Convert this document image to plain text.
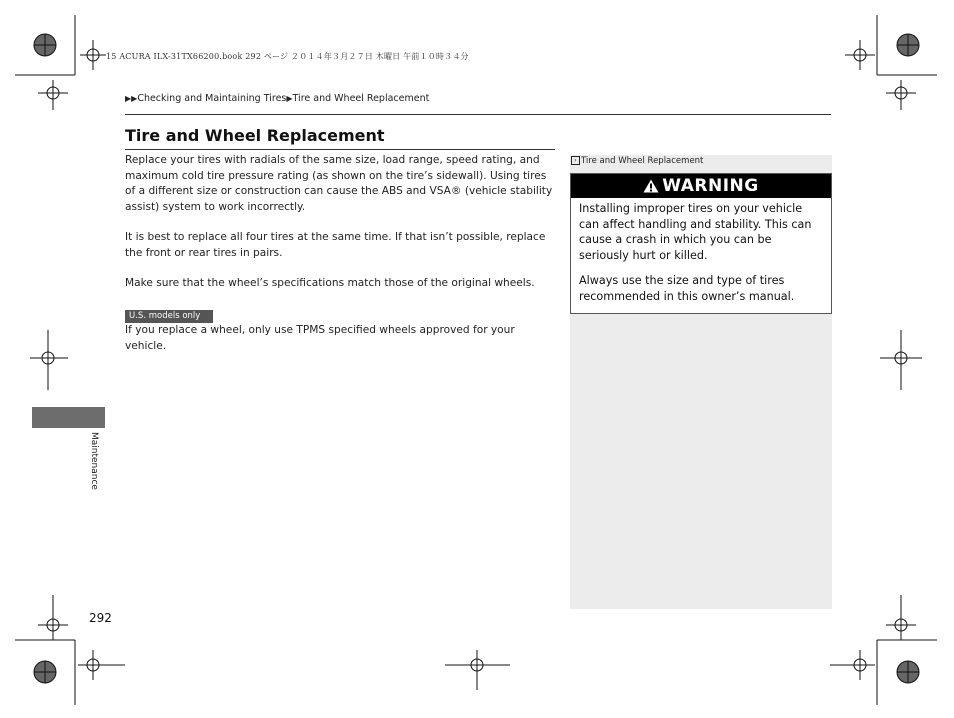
15 ACURA ILX-31TX66200.book 292 ページ ２０１４年３月２７日 木曜日 午前１０時３４分
▶▶Checking and Maintaining Tires▶Tire and Wheel Replacement
Tire and Wheel Replacement

Replace your tires with radials of the same size, load range, speed rating, and maximum cold tire pressure rating (as shown on the tire’s sidewall). Using tires of a different size or construction can cause the ABS and VSA® (vehicle stability assist) system to work incorrectly.

It is best to replace all four tires at the same time. If that isn’t possible, replace the front or rear tires in pairs.

Make sure that the wheel’s specifications match those of the original wheels.

U.S. models only

If you replace a wheel, only use TPMS specified wheels approved for your vehicle.

› Tire and Wheel Replacement
WARNING

Installing improper tires on your vehicle can affect handling and stability. This can cause a crash in which you can be seriously hurt or killed.

Always use the size and type of tires recommended in this owner’s manual.

Maintenance
292
